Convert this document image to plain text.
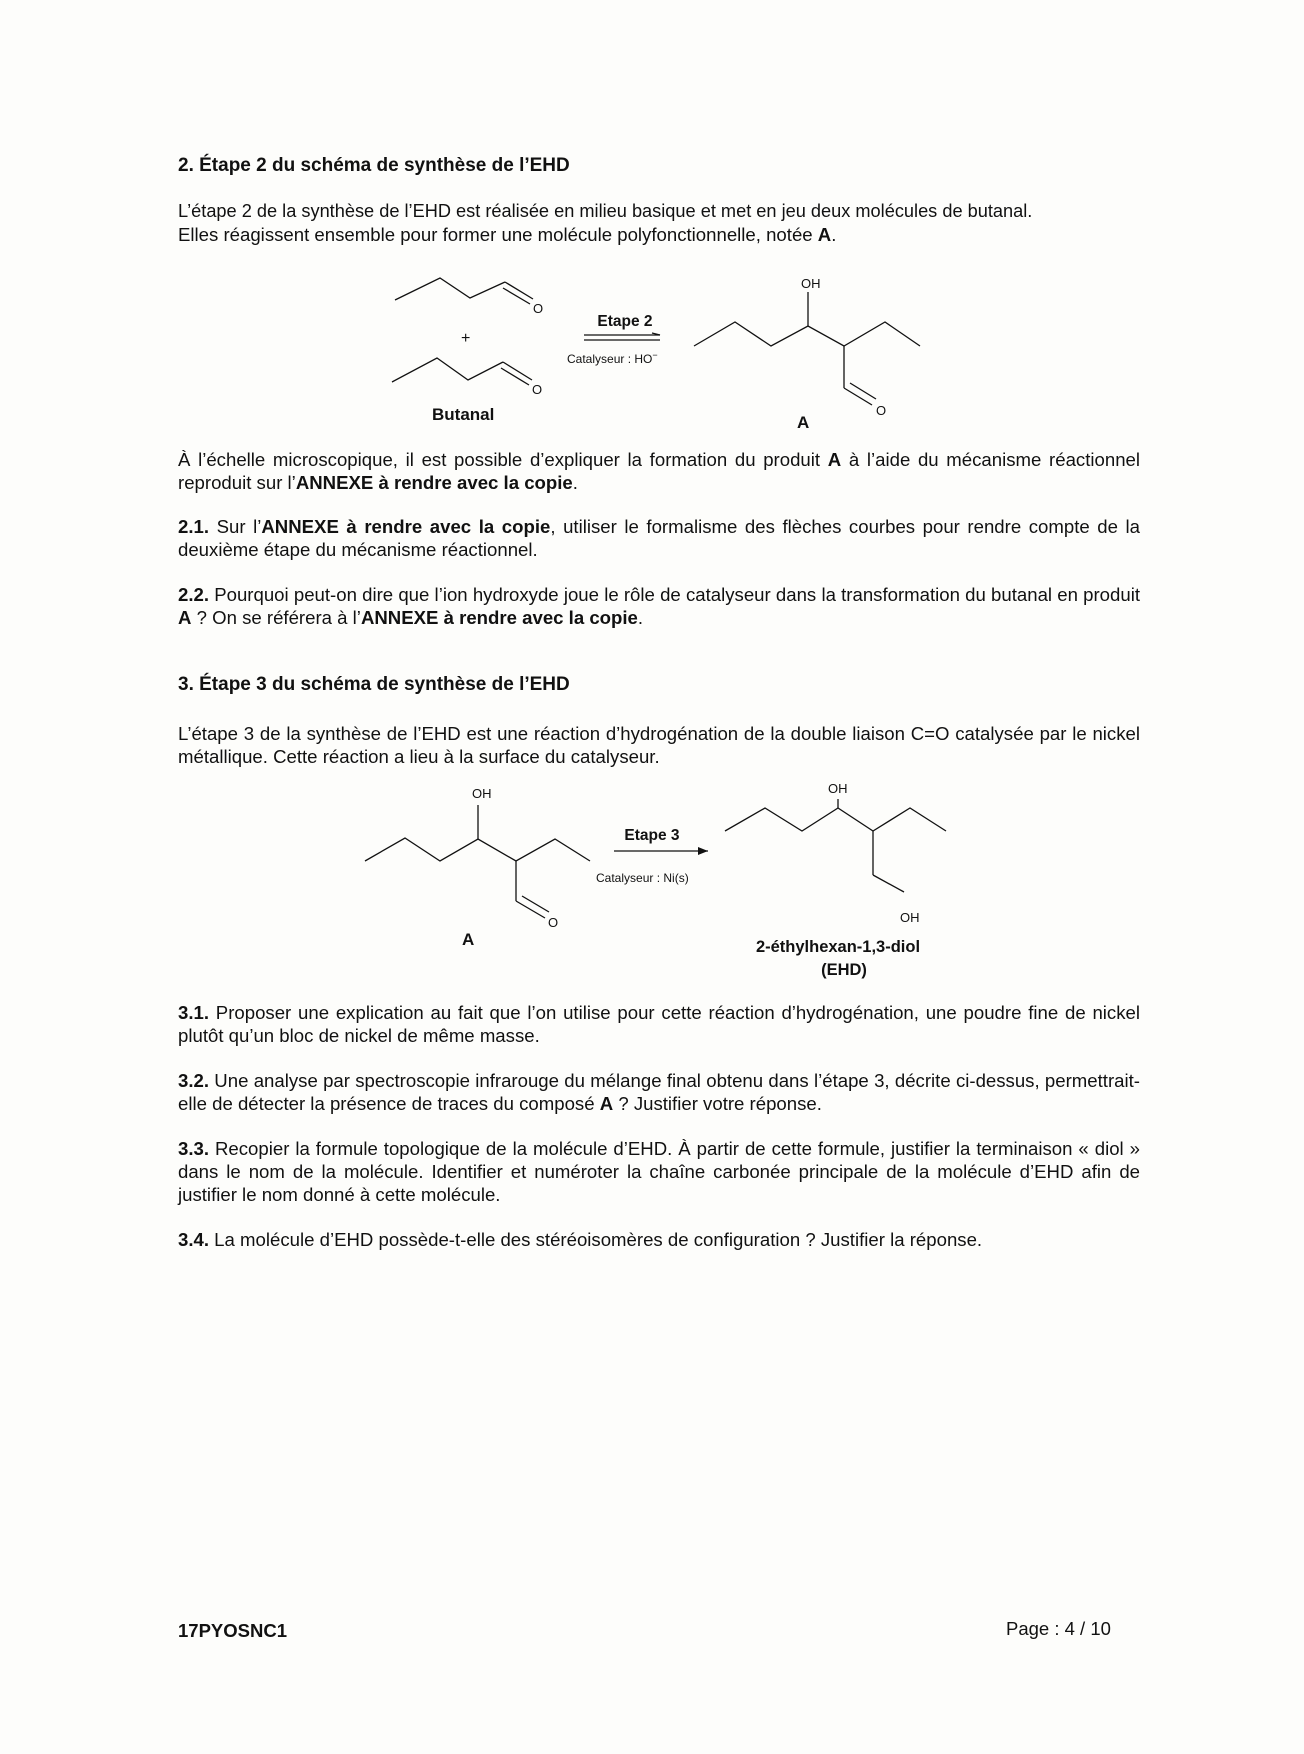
2. Étape 2 du schéma de synthèse de l’EHD
L’étape 2 de la synthèse de l’EHD est réalisée en milieu basique et met en jeu deux molécules de butanal.
Elles réagissent ensemble pour former une molécule polyfonctionnelle, notée A.
O
+
O
Etape 2
Catalyseur : HO−
OH
O
Butanal	A
À l’échelle microscopique, il est possible d’expliquer la formation du produit A à l’aide du mécanisme réactionnel reproduit sur l’ANNEXE à rendre avec la copie.
2.1. Sur l’ANNEXE à rendre avec la copie, utiliser le formalisme des flèches courbes pour rendre compte de la deuxième étape du mécanisme réactionnel.
2.2. Pourquoi peut-on dire que l’ion hydroxyde joue le rôle de catalyseur dans la transformation du butanal en produit A ? On se référera à l’ANNEXE à rendre avec la copie.
3. Étape 3 du schéma de synthèse de l’EHD
L’étape 3 de la synthèse de l’EHD est une réaction d’hydrogénation de la double liaison C=O catalysée par le nickel métallique. Cette réaction a lieu à la surface du catalyseur.
OH
O
A
Etape 3
Catalyseur : Ni(s)
OH
OH
2-éthylhexan-1,3-diol
(EHD)
3.1. Proposer une explication au fait que l’on utilise pour cette réaction d’hydrogénation, une poudre fine de nickel plutôt qu’un bloc de nickel de même masse.
3.2. Une analyse par spectroscopie infrarouge du mélange final obtenu dans l’étape 3, décrite ci-dessus, permettrait-elle de détecter la présence de traces du composé A ? Justifier votre réponse.
3.3. Recopier la formule topologique de la molécule d’EHD. À partir de cette formule, justifier la terminaison « diol » dans le nom de la molécule. Identifier et numéroter la chaîne carbonée principale de la molécule d’EHD afin de justifier le nom donné à cette molécule.
3.4. La molécule d’EHD possède-t-elle des stéréoisomères de configuration ? Justifier la réponse.
17PYOSNC1	Page : 4 / 10
